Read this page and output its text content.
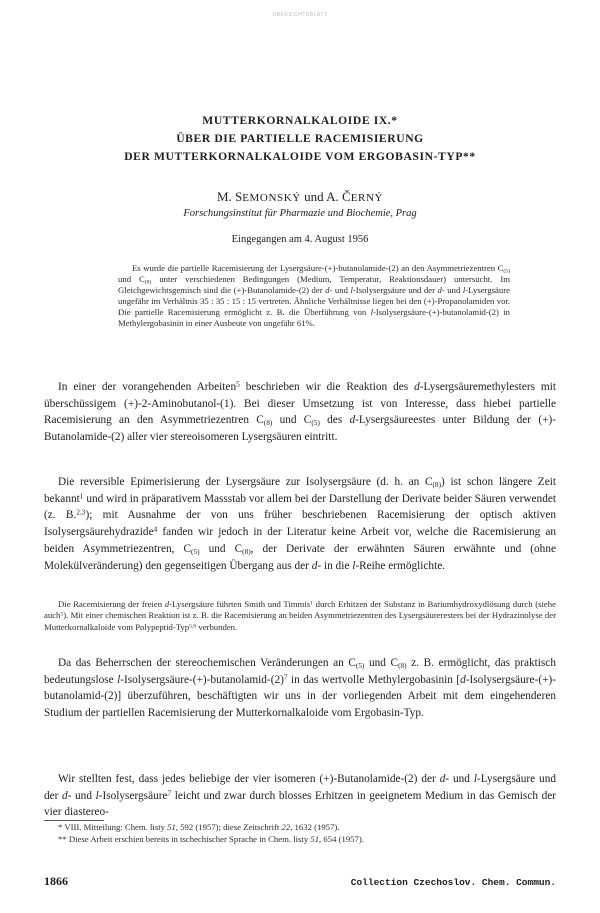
ÜBERSICHTSBLATT
MUTTERKORNALKALOIDE IX.*
ÜBER DIE PARTIELLE RACEMISIERUNG
DER MUTTERKORNALKALOIDE VOM ERGOBASIN-TYP**
M. SEMONSKÝ und A. ČERNÝ
Forschungsinstitut für Pharmazie und Biochemie, Prag
Eingegangen am 4. August 1956

Es wurde die partielle Racemisierung der Lysergsäure-(+)-butanolamide-(2) an den Asymmetriezentren $C_{(5)}$ und $C_{(8)}$ unter verschiedenen Bedingungen (Medium, Temperatur, Reaktionsdauer) untersucht. Im Gleichgewichtsgemisch sind die (+)-Butanolamide-(2) der d- und l-Isolysergsäure und der d- und l-Lysergsäure ungefähr im Verhältnis 35 : 35 : 15 : 15 vertreten. Ähnliche Verhältnisse liegen bei den (+)-Propanolamiden vor. Die partielle Racemisierung ermöglicht z. B. die Überführung von l-Isolysergsäure-(+)-butanolamid-(2) in Methylergobasinin in einer Ausbeute von ungefähr 61%.

In einer der vorangehenden Arbeiten$^5$ beschrieben wir die Reaktion des d-Lysergsäuremethylesters mit überschüssigem (+)-2-Aminobutanol-(1). Bei dieser Umsetzung ist von Interesse, dass hiebei partielle Racemisierung an den Asymmetriezentren $C_{(8)}$ und $C_{(5)}$ des d-Lysergsäureestes unter Bildung der (+)-Butanolamide-(2) aller vier stereoisomeren Lysergsäuren eintritt.

Die reversible Epimerisierung der Lysergsäure zur Isolysergsäure (d. h. an $C_{(8)}$) ist schon längere Zeit bekannt$^1$ und wird in präparativem Massstab vor allem bei der Darstellung der Derivate beider Säuren verwendet (z. B.$^{2,3}$); mit Ausnahme der von uns früher beschriebenen Racemisierung der optisch aktiven Isolysergsäurehydrazide$^4$ fanden wir jedoch in der Literatur keine Arbeit vor, welche die Racemisierung an beiden Asymmetriezentren, $C_{(5)}$ und $C_{(8)}$, der Derivate der erwähnten Säuren erwähnte und (ohne Molekülveränderung) den gegenseitigen Übergang aus der d- in die l-Reihe ermöglichte.

Die Racemisierung der freien d-Lysergsäure führten Smith und Timmis$^1$ durch Erhitzen der Substanz in Bariumhydroxydlösung durch (siehe auch$^5$). Mit einer chemischen Reaktion ist z. B. die Racemisierung an beiden Asymmetriezentren des Lysergsäureresters bei der Hydrazinolyse der Mutterkornalkaloide vom Polypeptid-Typ$^{5,6}$ verbunden.

Da das Beherrschen der stereochemischen Veränderungen an $C_{(5)}$ und $C_{(8)}$ z. B. ermöglicht, das praktisch bedeutungslose $l-Isolysergsäure-(+)-butanolamid-(2)^7$ in das wertvolle Methylergobasinin [d-Isolysergsäure-(+)-butanolamid-(2)] überzuführen, beschäftigten wir uns in der vorliegenden Arbeit mit dem eingehenderen Studium der partiellen Racemisierung der Mutterkornalkaloide vom Ergobasin-Typ.

Wir stellten fest, dass jedes beliebige der vier isomeren (+)-Butanolamide-(2) der d- und l-Lysergsäure und der d- und l-Isolysergsäure$^7$ leicht und zwar durch blosses Erhitzen in geeignetem Medium in das Gemisch der vier diastereo-

* VIII. Mitteilung: Chem. listy 51, 592 (1957); diese Zeitschrift 22, 1632 (1957).
** Diese Arbeit erschien bereits in tschechischer Sprache in Chem. listy 51, 654 (1957).
1866	Collection Czechoslov. Chem. Commun.
